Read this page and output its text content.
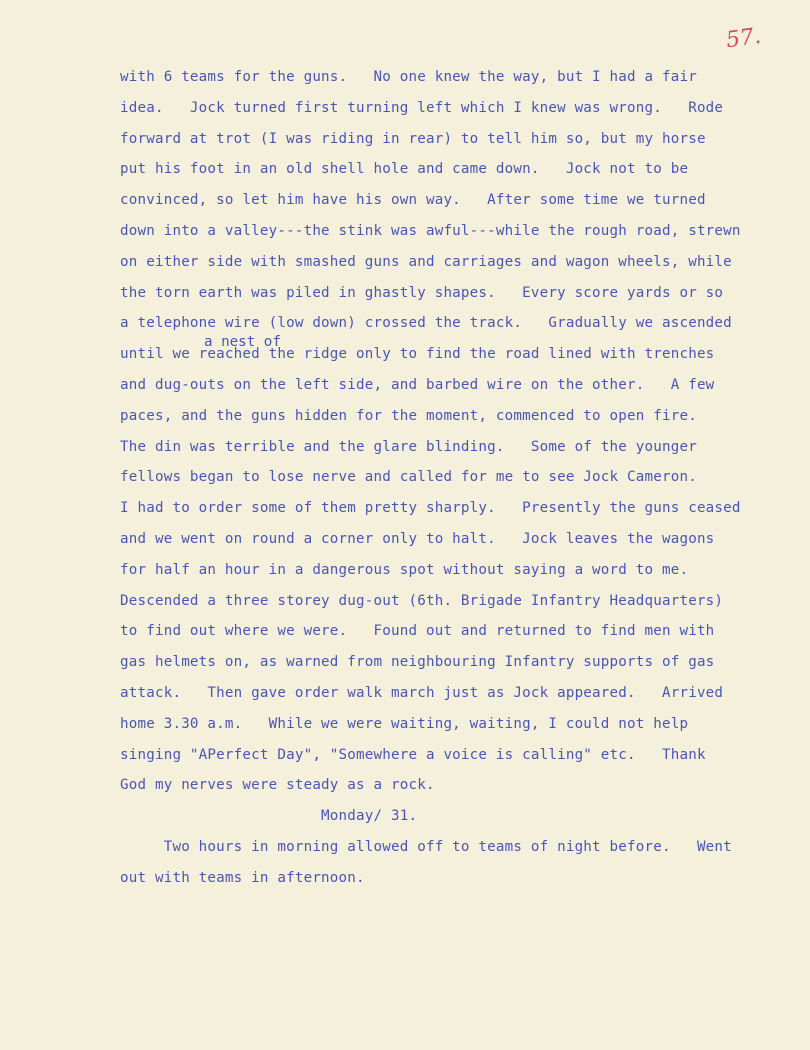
57.
a nest of
with 6 teams for the guns.   No one knew the way, but I had a fair
idea.   Jock turned first turning left which I knew was wrong.   Rode
forward at trot (I was riding in rear) to tell him so, but my horse
put his foot in an old shell hole and came down.   Jock not to be
convinced, so let him have his own way.   After some time we turned
down into a valley---the stink was awful---while the rough road, strewn
on either side with smashed guns and carriages and wagon wheels, while
the torn earth was piled in ghastly shapes.   Every score yards or so
a telephone wire (low down) crossed the track.   Gradually we ascended
until we reached the ridge only to find the road lined with trenches
and dug-outs on the left side, and barbed wire on the other.   A few
paces, and the guns hidden for the moment, commenced to open fire.
The din was terrible and the glare blinding.   Some of the younger
fellows began to lose nerve and called for me to see Jock Cameron.
I had to order some of them pretty sharply.   Presently the guns ceased
and we went on round a corner only to halt.   Jock leaves the wagons
for half an hour in a dangerous spot without saying a word to me.
Descended a three storey dug-out (6th. Brigade Infantry Headquarters)
to find out where we were.   Found out and returned to find men with
gas helmets on, as warned from neighbouring Infantry supports of gas
attack.   Then gave order walk march just as Jock appeared.   Arrived
home 3.30 a.m.   While we were waiting, waiting, I could not help
singing "APerfect Day", "Somewhere a voice is calling" etc.   Thank
God my nerves were steady as a rock.
Monday/ 31.
Two hours in morning allowed off to teams of night before.   Went
out with teams in afternoon.
